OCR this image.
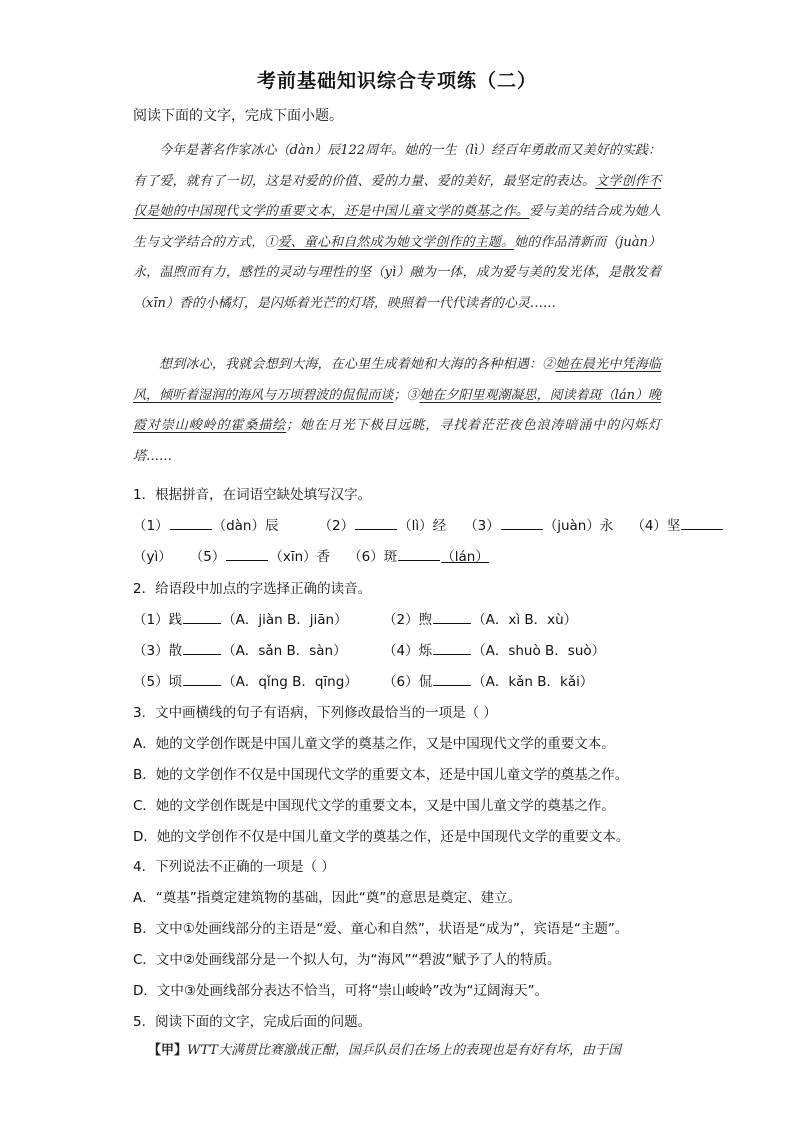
考前基础知识综合专项练（二）
阅读下面的文字，完成下面小题。

今年是著名作家冰心（dàn）辰122周年。她的一生（lì）经百年勇敢而又美好的实践：有了爱，就有了一切，这是对爱的价值、爱的力量、爱的美好，最坚定的表达。文学创作不仅是她的中国现代文学的重要文本，还是中国儿童文学的奠基之作。爱与美的结合成为她人生与文学结合的方式，①爱、童心和自然成为她文学创作的主题。她的作品清新而（juàn）永，温煦而有力，感性的灵动与理性的坚（yì）融为一体，成为爱与美的发光体，是散发着（xīn）香的小橘灯，是闪烁着光芒的灯塔，映照着一代代读者的心灵……

想到冰心，我就会想到大海，在心里生成着她和大海的各种相遇：②她在晨光中凭海临风，倾听着湿润的海风与万顷碧波的侃侃而谈；③她在夕阳里观潮凝思，阅读着斑（lán）晚霞对崇山峻岭的霍桑描绘；她在月光下极目远眺，寻找着茫茫夜色浪涛暗涌中的闪烁灯塔……

1．根据拼音，在词语空缺处填写汉字。
（1）	（dàn）辰	（2）	（lì）经 （3）	（juàn）永 （4）坚
（yì） （5）	（xīn）香 （6）斑	（lán）
2．给语段中加点的字选择正确的读音。
（1）践	（A．jiàn B．jiān）	（2）煦	（A．xì B．xù）
（3）散	（A．sǎn B．sàn）	（4）烁	（A．shuò B．suò）
（5）顷	（A．qǐng B．qīng） （6）侃	（A．kǎn B．kǎi）
3．文中画横线的句子有语病，下列修改最恰当的一项是（ ）
A．她的文学创作既是中国儿童文学的奠基之作，又是中国现代文学的重要文本。
B．她的文学创作不仅是中国现代文学的重要文本，还是中国儿童文学的奠基之作。
C．她的文学创作既是中国现代文学的重要文本，又是中国儿童文学的奠基之作。
D．她的文学创作不仅是中国儿童文学的奠基之作，还是中国现代文学的重要文本。
4．下列说法不正确的一项是（ ）
A．“奠基”指奠定建筑物的基础，因此“奠”的意思是奠定、建立。
B．文中①处画线部分的主语是“爱、童心和自然”，状语是“成为”，宾语是“主题”。
C．文中②处画线部分是一个拟人句，为“海风”“碧波”赋予了人的特质。
D．文中③处画线部分表达不恰当，可将“崇山峻岭”改为“辽阔海天”。
5．阅读下面的文字，完成后面的问题。
【甲】WTT大满贯比赛激战正酣，国乒队员们在场上的表现也是有好有坏，由于国
